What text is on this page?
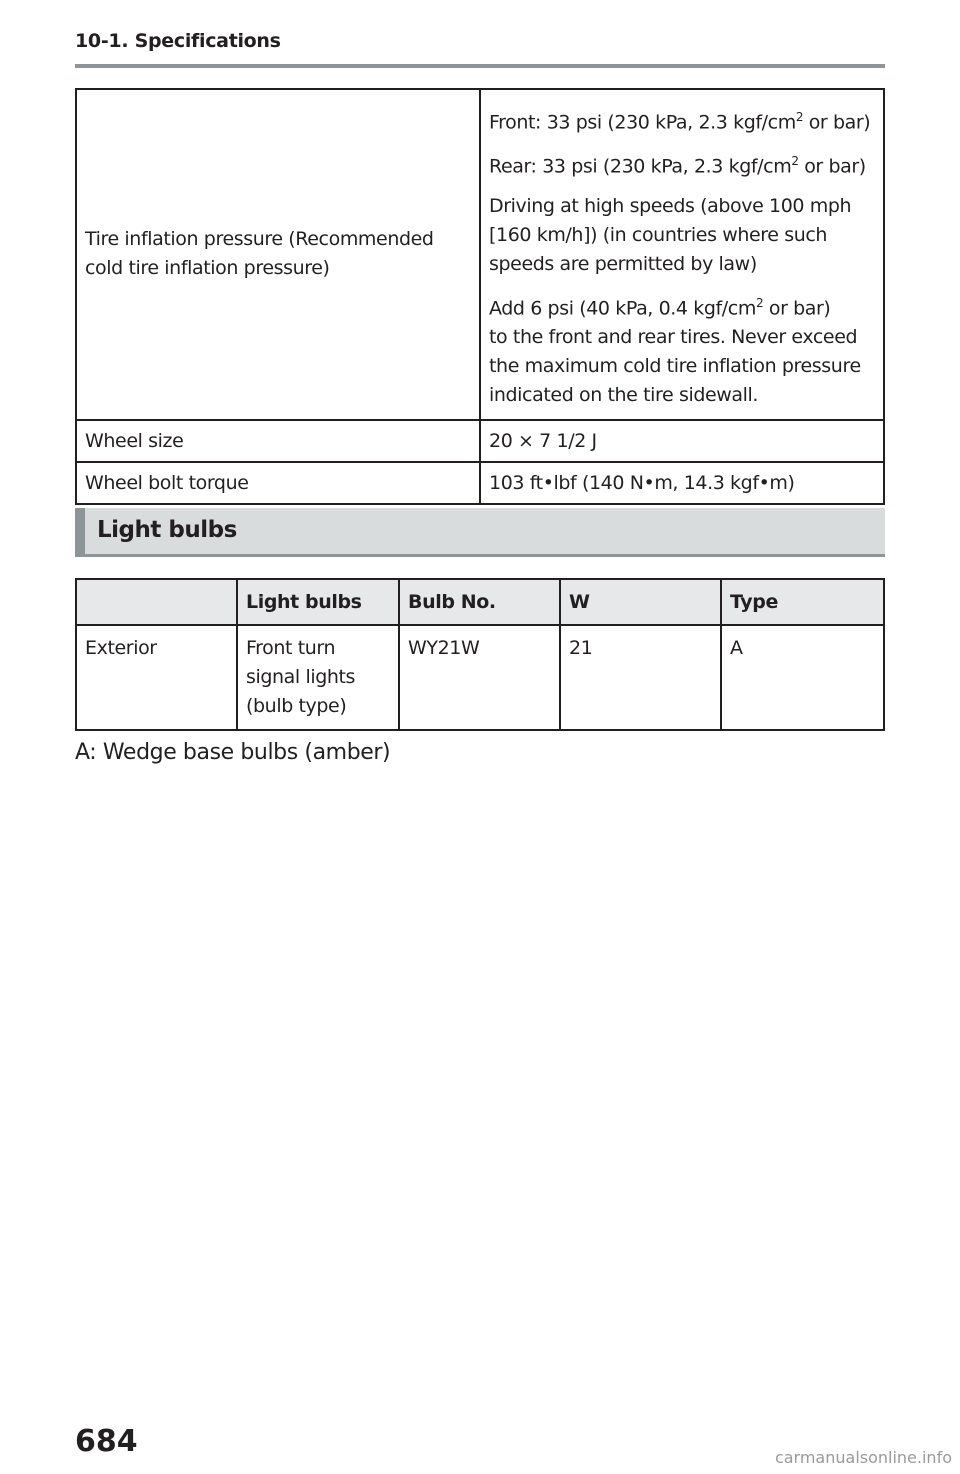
10-1. Specifications
Tire inflation pressure (Recommended cold tire inflation pressure)	Front: 33 psi (230 kPa, 2.3 kgf/$cm^2$ or bar)
Rear: 33 psi (230 kPa, 2.3 kgf/$cm^2$ or bar)
Driving at high speeds (above 100 mph [160 km/h]) (in countries where such speeds are permitted by law)
Add 6 psi (40 kPa, 0.4 kgf/$cm^2$ or bar)
to the front and rear tires. Never exceed the maximum cold tire inflation pressure indicated on the tire sidewall.

Wheel size	20 × 7 1/2 J
Wheel bolt torque	103 ft•lbf (140 N•m, 14.3 kgf•m)
Light bulbs
	Light bulbs	Bulb No.	W	Type
Exterior	Front turn signal lights (bulb type)	WY21W	21	A
A: Wedge base bulbs (amber)
684	carmanualsonline.info
